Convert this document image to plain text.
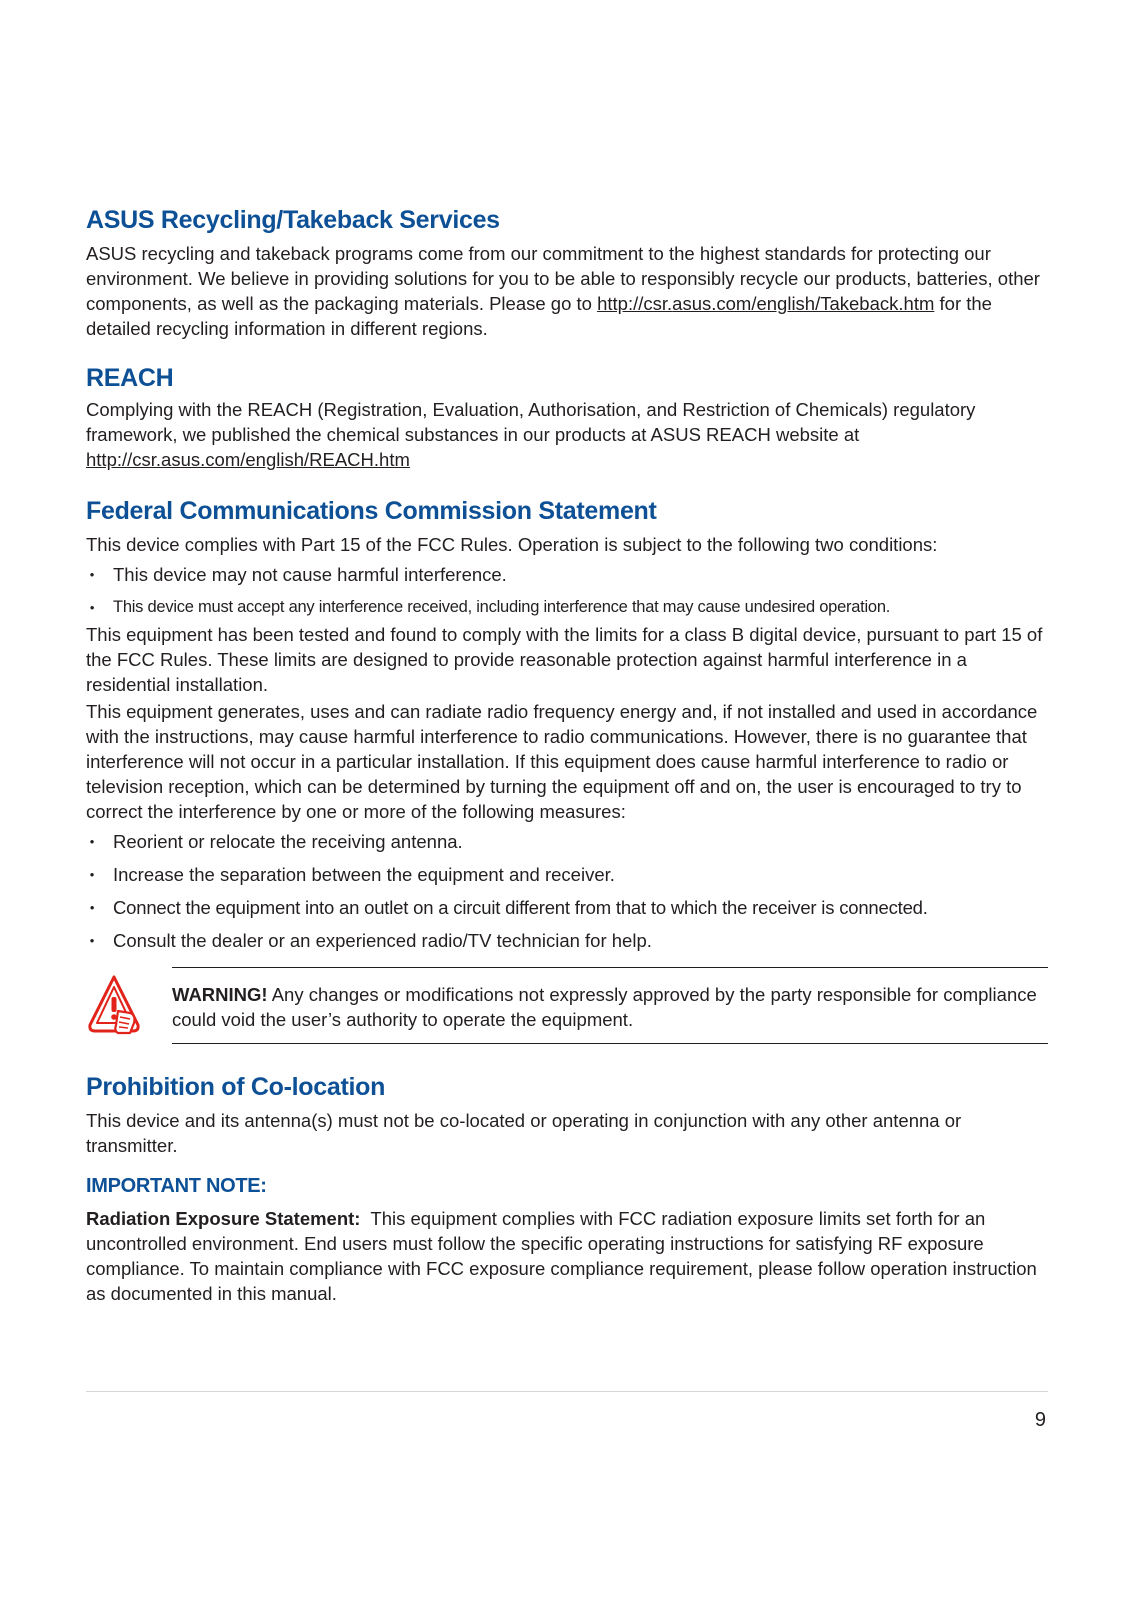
ASUS Recycling/Takeback Services

ASUS recycling and takeback programs come from our commitment to the highest standards for protecting our environment. We believe in providing solutions for you to be able to responsibly recycle our products, batteries, other components, as well as the packaging materials. Please go to http://csr.asus.com/english/Takeback.htm for the detailed recycling information in different regions.

REACH

Complying with the REACH (Registration, Evaluation, Authorisation, and Restriction of Chemicals) regulatory framework, we published the chemical substances in our products at ASUS REACH website at http://csr.asus.com/english/REACH.htm

Federal Communications Commission Statement

This device complies with Part 15 of the FCC Rules. Operation is subject to the following two conditions:

• This device may not cause harmful interference.
• This device must accept any interference received, including interference that may cause undesired operation.

This equipment has been tested and found to comply with the limits for a class B digital device, pursuant to part 15 of the FCC Rules. These limits are designed to provide reasonable protection against harmful interference in a residential installation.

This equipment generates, uses and can radiate radio frequency energy and, if not installed and used in accordance with the instructions, may cause harmful interference to radio communications. However, there is no guarantee that interference will not occur in a particular installation. If this equipment does cause harmful interference to radio or television reception, which can be determined by turning the equipment off and on, the user is encouraged to try to correct the interference by one or more of the following measures:

• Reorient or relocate the receiving antenna.
• Increase the separation between the equipment and receiver.
• Connect the equipment into an outlet on a circuit different from that to which the receiver is connected.
• Consult the dealer or an experienced radio/TV technician for help.
WARNING! Any changes or modifications not expressly approved by the party responsible for compliance could void the user’s authority to operate the equipment.
Prohibition of Co-location

This device and its antenna(s) must not be co-located or operating in conjunction with any other antenna or transmitter.

IMPORTANT NOTE:

Radiation Exposure Statement:  This equipment complies with FCC radiation exposure limits set forth for an uncontrolled environment. End users must follow the specific operating instructions for satisfying RF exposure compliance. To maintain compliance with FCC exposure compliance requirement, please follow operation instruction as documented in this manual.

9
